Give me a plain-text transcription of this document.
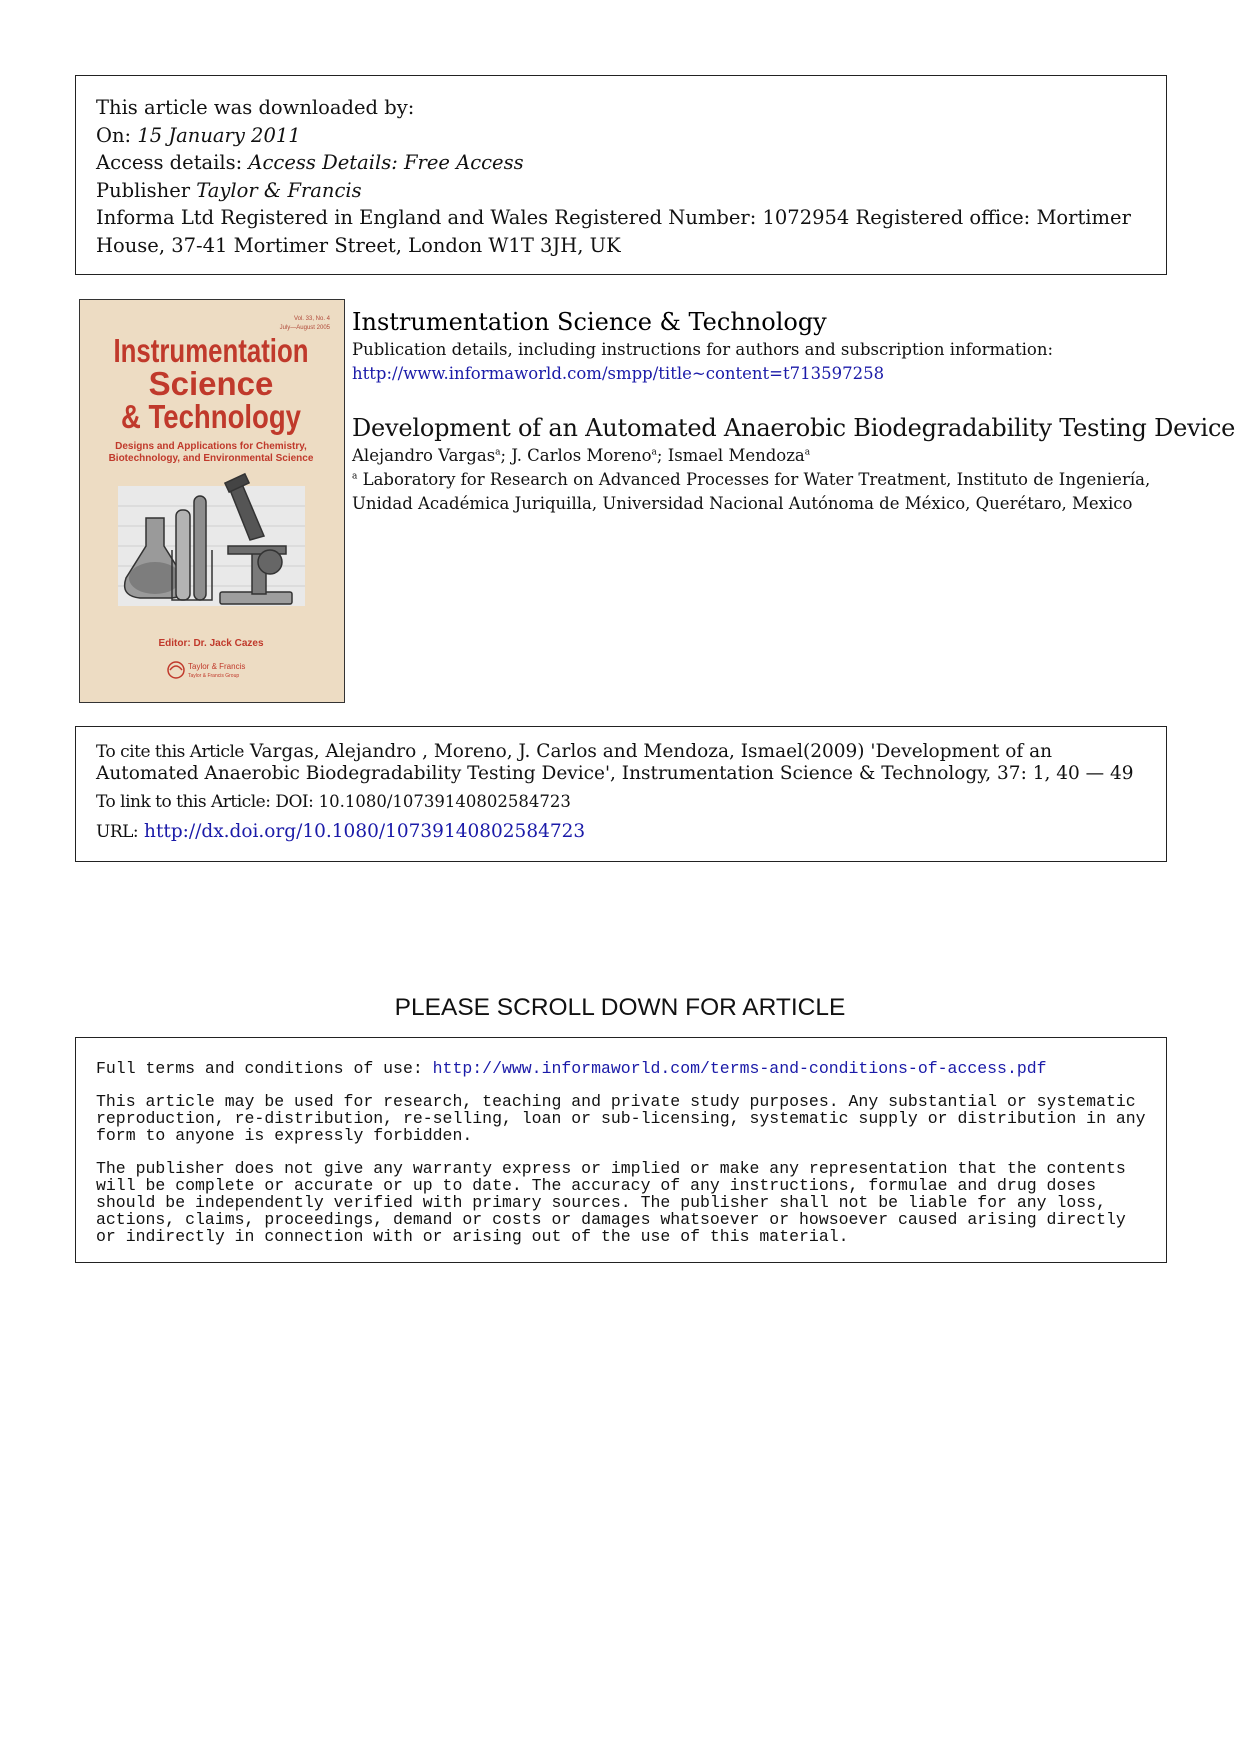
This article was downloaded by:
On: 15 January 2011
Access details: Access Details: Free Access
Publisher Taylor & Francis
Informa Ltd Registered in England and Wales Registered Number: 1072954 Registered office: Mortimer House, 37-41 Mortimer Street, London W1T 3JH, UK
Vol. 33, No. 4
July—August 2005
Instrumentation
Science
& Technology
Designs and Applications for Chemistry,
Biotechnology, and Environmental Science
Editor: Dr. Jack Cazes
Taylor & Francis
Taylor & Francis Group
Instrumentation Science & Technology
Publication details, including instructions for authors and subscription information:
http://www.informaworld.com/smpp/title~content=t713597258
Development of an Automated Anaerobic Biodegradability Testing Device
Alejandro Vargas$^a$; J. Carlos Moreno$^a$; Ismael Mendoza$^a$
$^a$ Laboratory for Research on Advanced Processes for Water Treatment, Instituto de Ingeniería, Unidad Académica Juriquilla, Universidad Nacional Autónoma de México, Querétaro, Mexico
To cite this Article Vargas, Alejandro , Moreno, J. Carlos and Mendoza, Ismael(2009) 'Development of an Automated Anaerobic Biodegradability Testing Device', Instrumentation Science & Technology, 37: 1, 40 — 49
To link to this Article: DOI: 10.1080/10739140802584723
URL: http://dx.doi.org/10.1080/10739140802584723
PLEASE SCROLL DOWN FOR ARTICLE

Full terms and conditions of use: http://www.informaworld.com/terms-and-conditions-of-access.pdf

This article may be used for research, teaching and private study purposes. Any substantial or systematic reproduction, re-distribution, re-selling, loan or sub-licensing, systematic supply or distribution in any form to anyone is expressly forbidden.

The publisher does not give any warranty express or implied or make any representation that the contents will be complete or accurate or up to date. The accuracy of any instructions, formulae and drug doses should be independently verified with primary sources. The publisher shall not be liable for any loss, actions, claims, proceedings, demand or costs or damages whatsoever or howsoever caused arising directly or indirectly in connection with or arising out of the use of this material.
